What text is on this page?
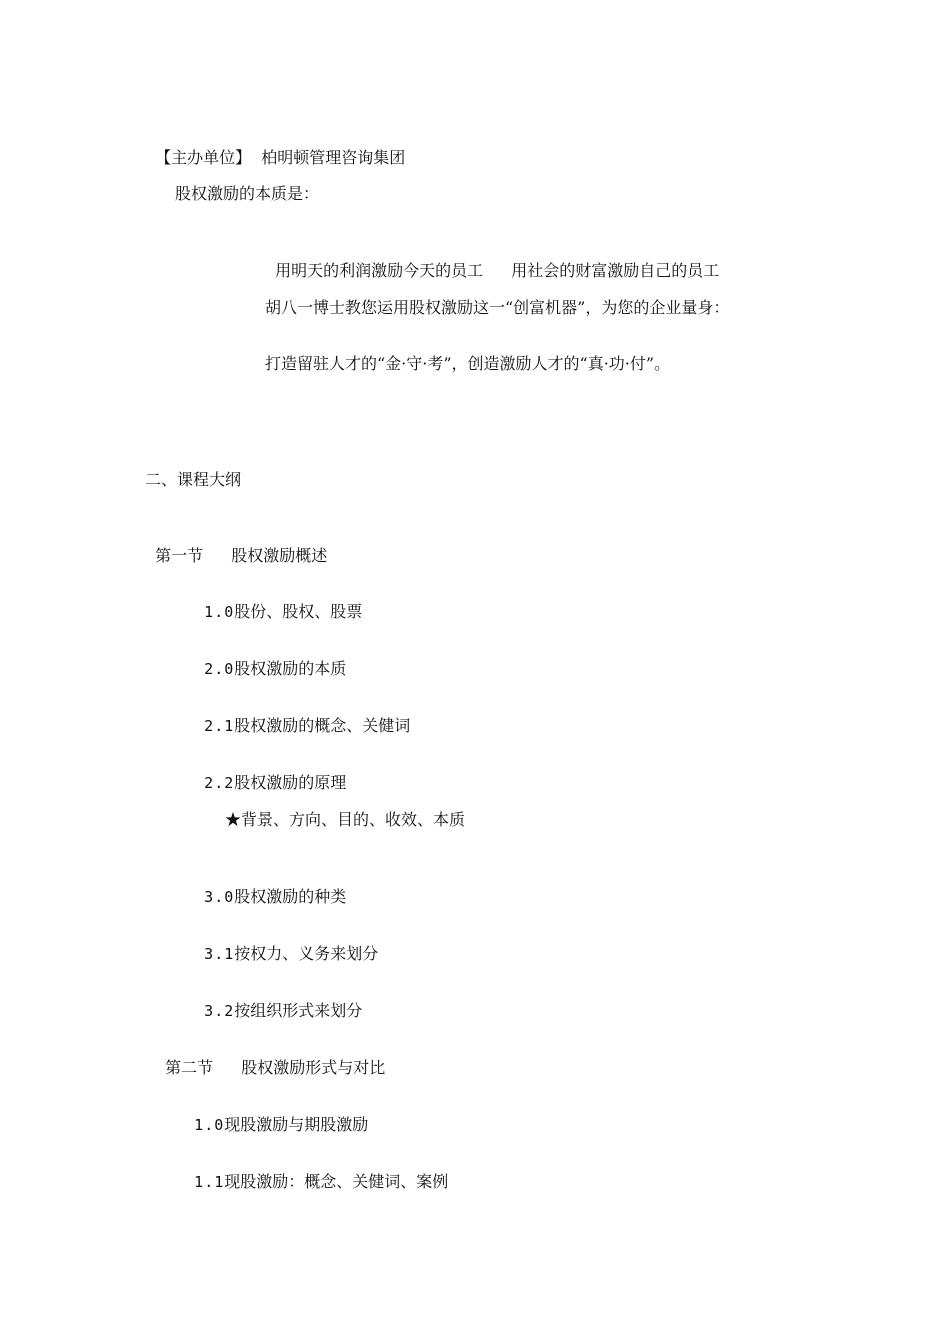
【主办单位】 柏明顿管理咨询集团

股权激励的本质是：

用明天的利润激励今天的员工 用社会的财富激励自己的员工

胡八一博士教您运用股权激励这一“创富机器”，为您的企业量身：
打造留驻人才的“金·守·考”，创造激励人才的“真·功·付”。
二、课程大纲

第一节 股权激励概述

1.0股份、股权、股票

2.0股权激励的本质

2.1股权激励的概念、关健词

2.2股权激励的原理

★背景、方向、目的、收效、本质

3.0股权激励的种类

3.1按权力、义务来划分

3.2按组织形式来划分

第二节 股权激励形式与对比

1.0现股激励与期股激励

1.1现股激励：概念、关健词、案例
